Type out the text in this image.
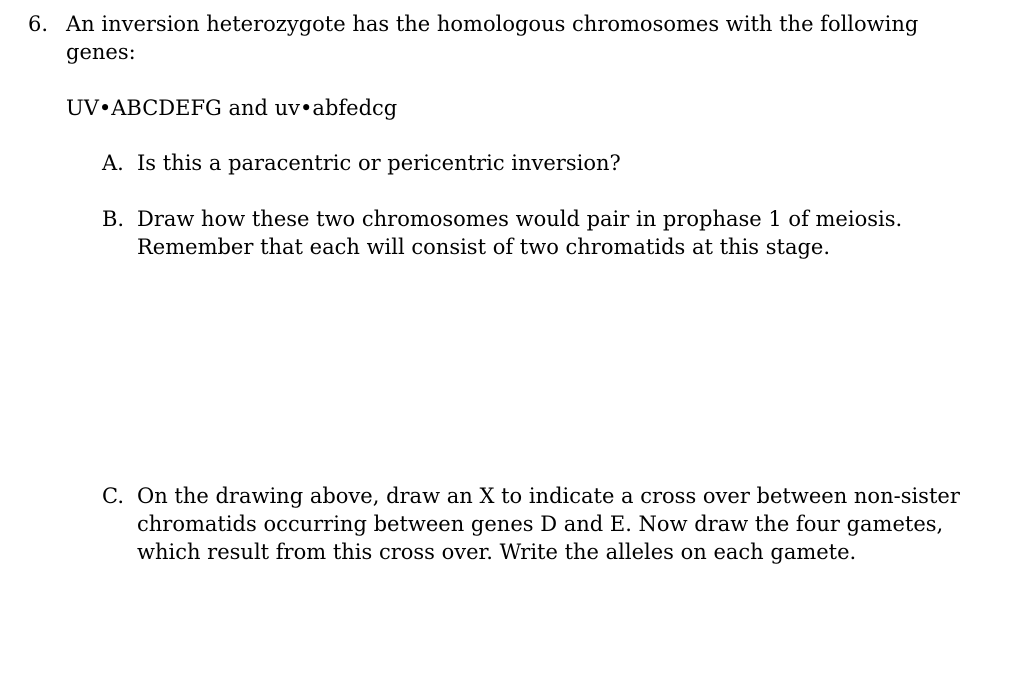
6. An inversion heterozygote has the homologous chromosomes with the following
genes:
UV•ABCDEFG and uv•abfedcg
A. Is this a paracentric or pericentric inversion?
B. Draw how these two chromosomes would pair in prophase 1 of meiosis.
Remember that each will consist of two chromatids at this stage.
C. On the drawing above, draw an X to indicate a cross over between non-sister
chromatids occurring between genes D and E. Now draw the four gametes,
which result from this cross over. Write the alleles on each gamete.
